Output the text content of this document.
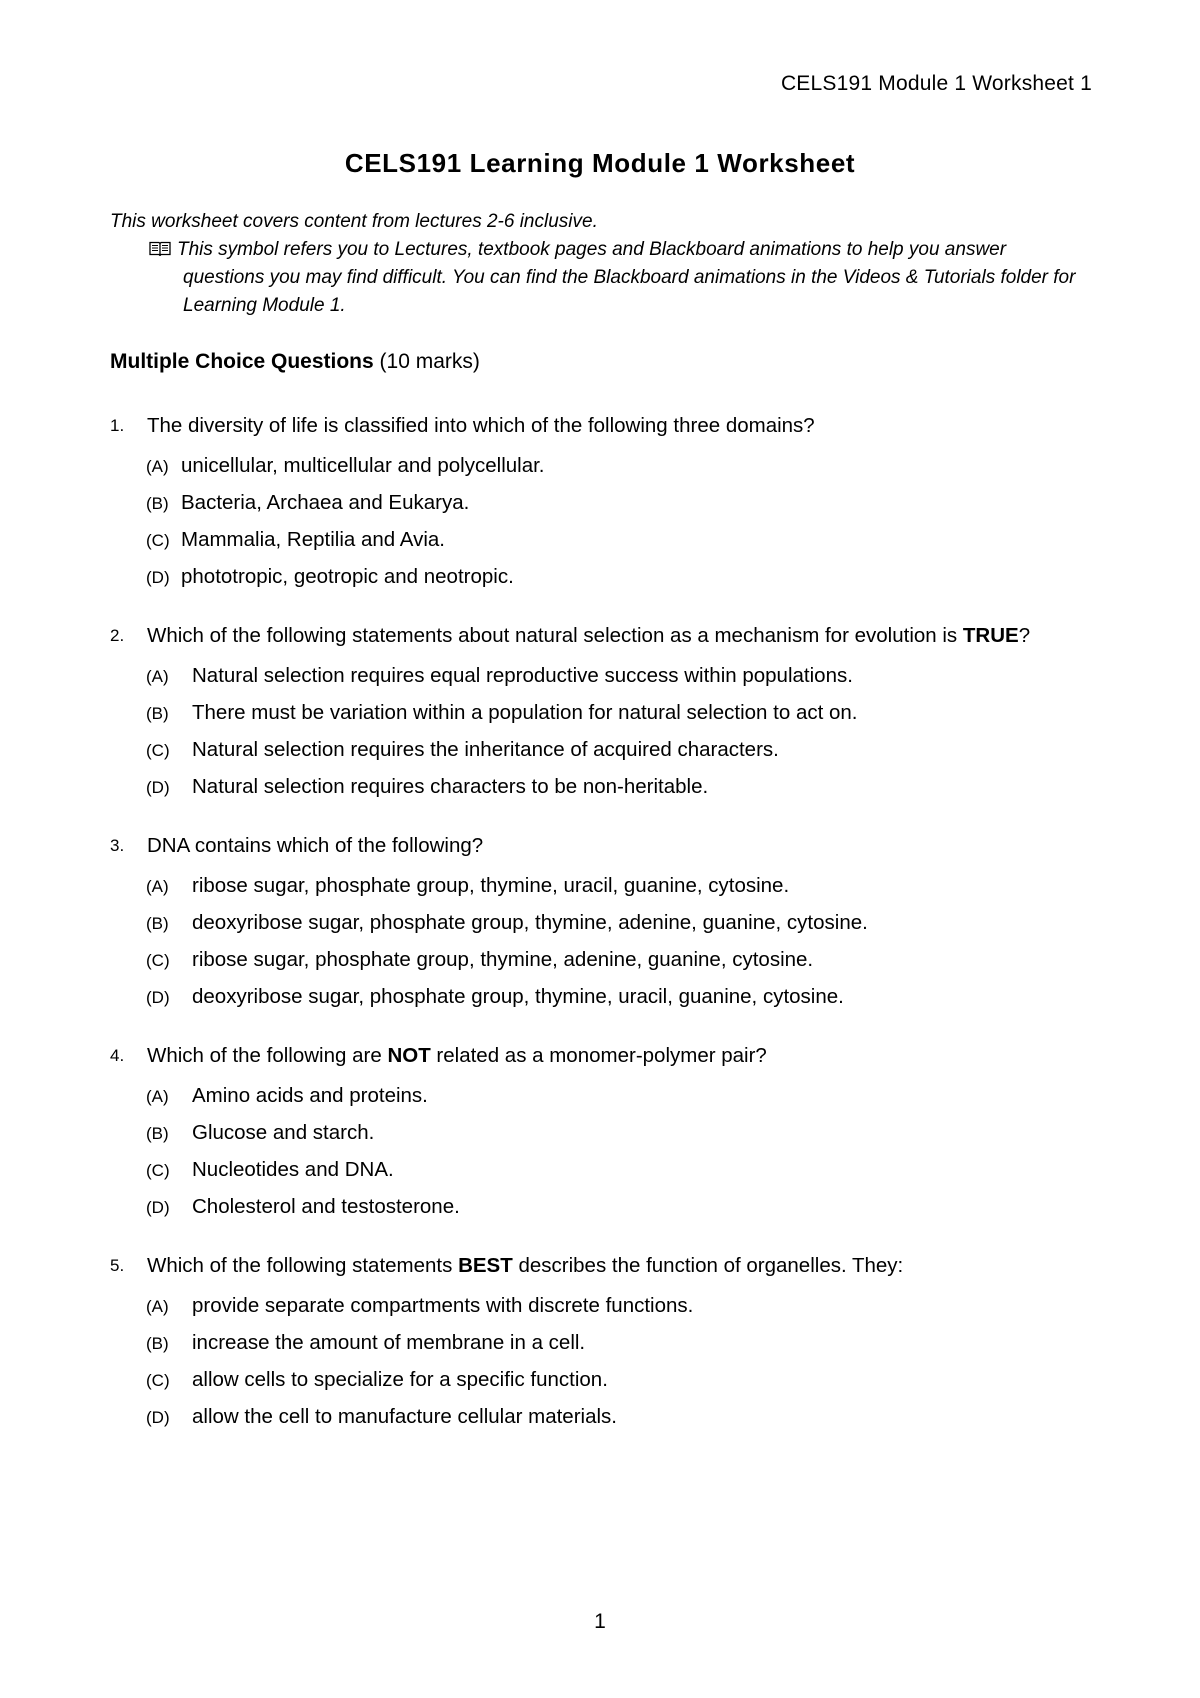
CELS191 Module 1 Worksheet 1
CELS191 Learning Module 1 Worksheet
This worksheet covers content from lectures 2-6 inclusive.
This symbol refers you to Lectures, textbook pages and Blackboard animations to help you answer questions you may find difficult. You can find the Blackboard animations in the Videos & Tutorials folder for Learning Module 1.
Multiple Choice Questions (10 marks)
1. The diversity of life is classified into which of the following three domains?
(A) unicellular, multicellular and polycellular.
(B) Bacteria, Archaea and Eukarya.
(C) Mammalia, Reptilia and Avia.
(D) phototropic, geotropic and neotropic.
2. Which of the following statements about natural selection as a mechanism for evolution is TRUE?
(A) Natural selection requires equal reproductive success within populations.
(B) There must be variation within a population for natural selection to act on.
(C) Natural selection requires the inheritance of acquired characters.
(D) Natural selection requires characters to be non-heritable.
3. DNA contains which of the following?
(A) ribose sugar, phosphate group, thymine, uracil, guanine, cytosine.
(B) deoxyribose sugar, phosphate group, thymine, adenine, guanine, cytosine.
(C) ribose sugar, phosphate group, thymine, adenine, guanine, cytosine.
(D) deoxyribose sugar, phosphate group, thymine, uracil, guanine, cytosine.
4. Which of the following are NOT related as a monomer-polymer pair?
(A) Amino acids and proteins.
(B) Glucose and starch.
(C) Nucleotides and DNA.
(D) Cholesterol and testosterone.
5. Which of the following statements BEST describes the function of organelles. They:
(A) provide separate compartments with discrete functions.
(B) increase the amount of membrane in a cell.
(C) allow cells to specialize for a specific function.
(D) allow the cell to manufacture cellular materials.
1
